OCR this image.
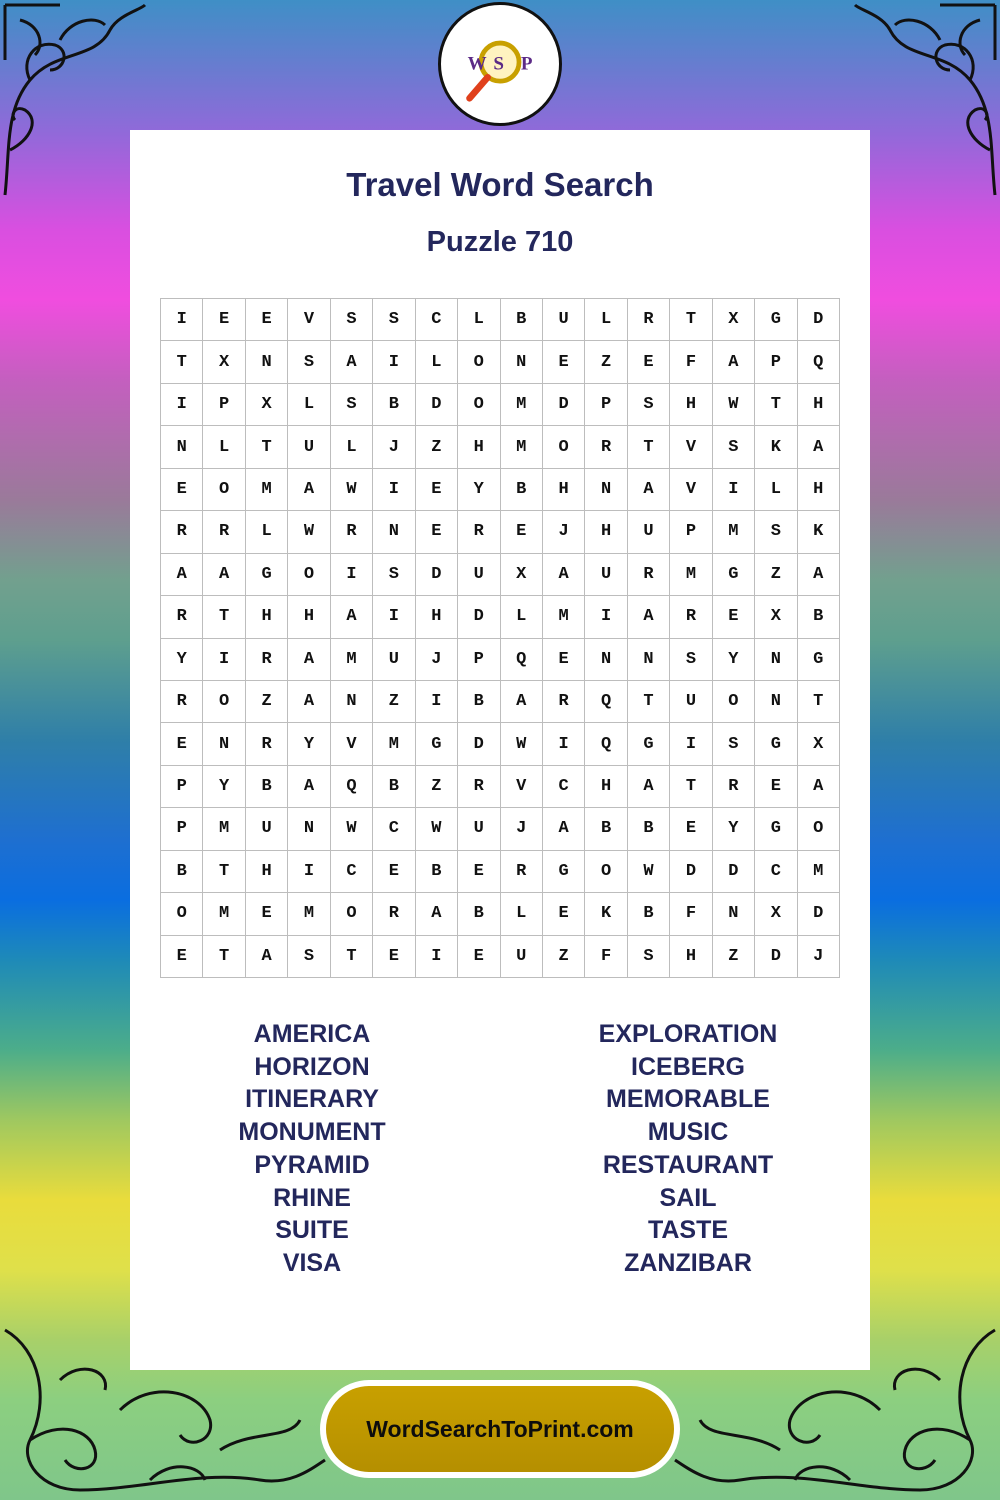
W S P
Travel Word Search
Puzzle 710
I	E	E	V	S	S	C	L	B	U	L	R	T	X	G	D
T	X	N	S	A	I	L	O	N	E	Z	E	F	A	P	Q
I	P	X	L	S	B	D	O	M	D	P	S	H	W	T	H
N	L	T	U	L	J	Z	H	M	O	R	T	V	S	K	A
E	O	M	A	W	I	E	Y	B	H	N	A	V	I	L	H
R	R	L	W	R	N	E	R	E	J	H	U	P	M	S	K
A	A	G	O	I	S	D	U	X	A	U	R	M	G	Z	A
R	T	H	H	A	I	H	D	L	M	I	A	R	E	X	B
Y	I	R	A	M	U	J	P	Q	E	N	N	S	Y	N	G
R	O	Z	A	N	Z	I	B	A	R	Q	T	U	O	N	T
E	N	R	Y	V	M	G	D	W	I	Q	G	I	S	G	X
P	Y	B	A	Q	B	Z	R	V	C	H	A	T	R	E	A
P	M	U	N	W	C	W	U	J	A	B	B	E	Y	G	O
B	T	H	I	C	E	B	E	R	G	O	W	D	D	C	M
O	M	E	M	O	R	A	B	L	E	K	B	F	N	X	D
E	T	A	S	T	E	I	E	U	Z	F	S	H	Z	D	J
AMERICA
HORIZON
ITINERARY
MONUMENT
PYRAMID
RHINE
SUITE
VISA
EXPLORATION
ICEBERG
MEMORABLE
MUSIC
RESTAURANT
SAIL
TASTE
ZANZIBAR
WordSearchToPrint.com
